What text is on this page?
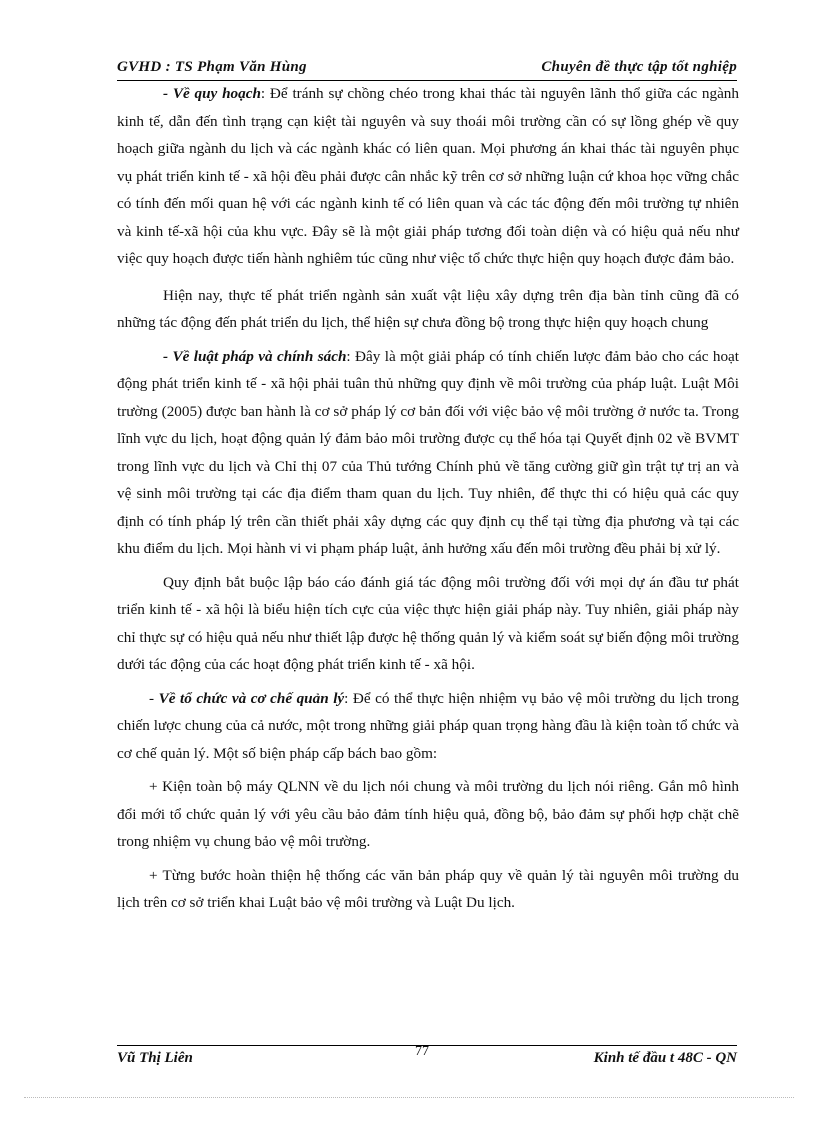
GVHD : TS Phạm Văn Hùng	Chuyên đề thực tập tốt nghiệp

- Về quy hoạch: Để tránh sự chồng chéo trong khai thác tài nguyên lãnh thổ giữa các ngành kinh tế, dẫn đến tình trạng cạn kiệt tài nguyên và suy thoái môi trường cần có sự lồng ghép về quy hoạch giữa ngành du lịch và các ngành khác có liên quan. Mọi phương án khai thác tài nguyên phục vụ phát triển kinh tế - xã hội đều phải được cân nhắc kỹ trên cơ sở những luận cứ khoa học vững chắc có tính đến mối quan hệ với các ngành kinh tế có liên quan và các tác động đến môi trường tự nhiên và kinh tế-xã hội của khu vực. Đây sẽ là một giải pháp tương đối toàn diện và có hiệu quả nếu như việc quy hoạch được tiến hành nghiêm túc cũng như việc tổ chức thực hiện quy hoạch được đảm bảo.

Hiện nay, thực tế phát triển ngành sản xuất vật liệu xây dựng trên địa bàn tỉnh cũng đã có những tác động đến phát triển du lịch, thể hiện sự chưa đồng bộ trong thực hiện quy hoạch chung

- Về luật pháp và chính sách: Đây là một giải pháp có tính chiến lược đảm bảo cho các hoạt động phát triển kinh tế - xã hội phải tuân thủ những quy định về môi trường của pháp luật. Luật Môi trường (2005) được ban hành là cơ sở pháp lý cơ bản đối với việc bảo vệ môi trường ở nước ta. Trong lĩnh vực du lịch, hoạt động quản lý đảm bảo môi trường được cụ thể hóa tại Quyết định 02 về BVMT trong lĩnh vực du lịch và Chỉ thị 07 của Thủ tướng Chính phủ về tăng cường giữ gìn trật tự trị an và vệ sinh môi trường tại các địa điểm tham quan du lịch. Tuy nhiên, để thực thi có hiệu quả các quy định có tính pháp lý trên cần thiết phải xây dựng các quy định cụ thể tại từng địa phương và tại các khu điểm du lịch. Mọi hành vi vi phạm pháp luật, ảnh hưởng xấu đến môi trường đều phải bị xử lý.

Quy định bắt buộc lập báo cáo đánh giá tác động môi trường đối với mọi dự án đầu tư phát triển kinh tế - xã hội là biểu hiện tích cực của việc thực hiện giải pháp này. Tuy nhiên, giải pháp này chỉ thực sự có hiệu quả nếu như thiết lập được hệ thống quản lý và kiểm soát sự biến động môi trường dưới tác động của các hoạt động phát triển kinh tế - xã hội.

- Về tổ chức và cơ chế quản lý: Để có thể thực hiện nhiệm vụ bảo vệ môi trường du lịch trong chiến lược chung của cả nước, một trong những giải pháp quan trọng hàng đầu là kiện toàn tổ chức và cơ chế quản lý. Một số biện pháp cấp bách bao gồm:

+ Kiện toàn bộ máy QLNN về du lịch nói chung và môi trường du lịch nói riêng. Gắn mô hình đổi mới tổ chức quản lý với yêu cầu bảo đảm tính hiệu quả, đồng bộ, bảo đảm sự phối hợp chặt chẽ trong nhiệm vụ chung bảo vệ môi trường.

+ Từng bước hoàn thiện hệ thống các văn bản pháp quy về quản lý tài nguyên môi trường du lịch trên cơ sở triển khai Luật bảo vệ môi trường và Luật Du lịch.

Vũ Thị Liên	77	Kinh tế đầu t 48C - QN
